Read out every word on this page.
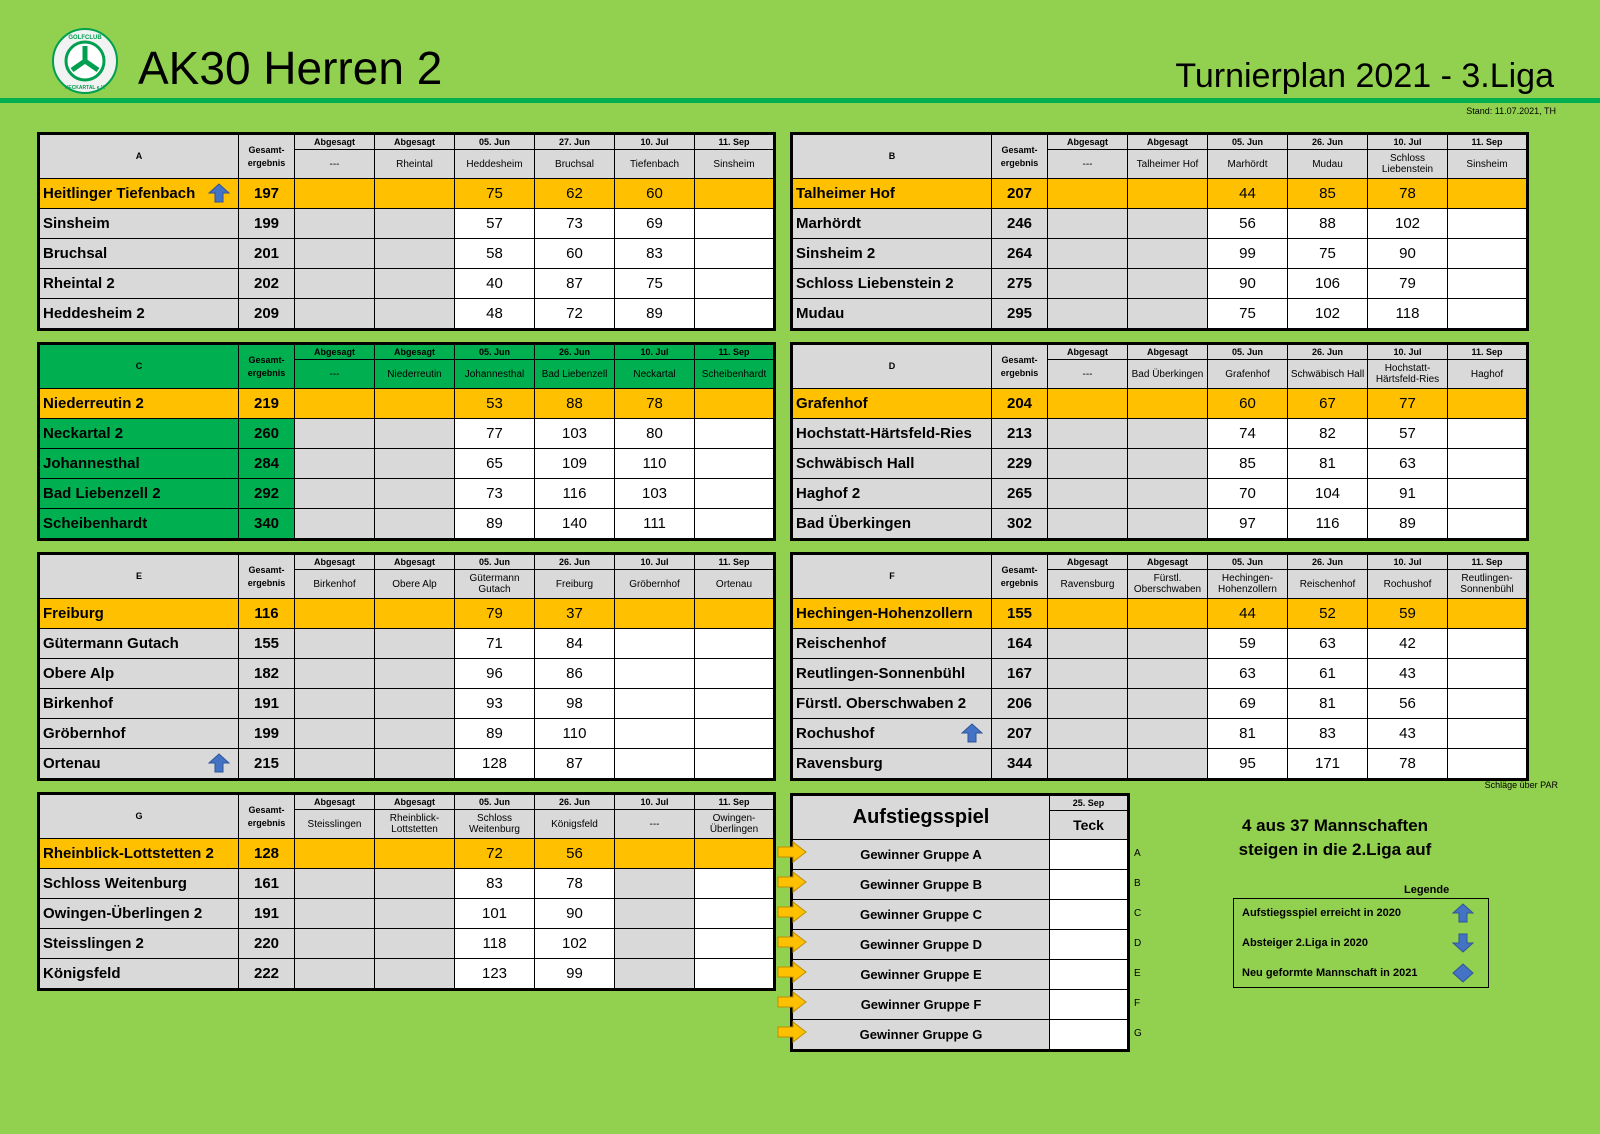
GOLFCLUB
NECKARTAL e.V. AK30 Herren 2	Turnierplan 2021 - 3.Liga
Stand: 11.07.2021, TH
A	Gesamt-ergebnis	Abgesagt	Abgesagt	05. Jun	27. Jun	10. Jul	11. Sep
		---	Rheintal	Heddesheim	Bruchsal	Tiefenbach	Sinsheim
Heitlinger Tiefenbach	197			75	62	60	
Sinsheim	199			57	73	69	
Bruchsal	201			58	60	83	
Rheintal 2	202			40	87	75	
Heddesheim 2	209			48	72	89	
B	Gesamt-ergebnis	Abgesagt	Abgesagt	05. Jun	26. Jun	10. Jul	11. Sep
		---	Talheimer Hof	Marhördt	Mudau	Schloss Liebenstein	Sinsheim
Talheimer Hof	207			44	85	78	
Marhördt	246			56	88	102	
Sinsheim 2	264			99	75	90	
Schloss Liebenstein 2	275			90	106	79	
Mudau	295			75	102	118	
C	Gesamt-ergebnis	Abgesagt	Abgesagt	05. Jun	26. Jun	10. Jul	11. Sep
		---	Niederreutin	Johannesthal	Bad Liebenzell	Neckartal	Scheibenhardt
Niederreutin 2	219			53	88	78	
Neckartal 2	260			77	103	80	
Johannesthal	284			65	109	110	
Bad Liebenzell 2	292			73	116	103	
Scheibenhardt	340			89	140	111	
D	Gesamt-ergebnis	Abgesagt	Abgesagt	05. Jun	26. Jun	10. Jul	11. Sep
		---	Bad Überkingen	Grafenhof	Schwäbisch Hall	Hochstatt-Härtsfeld-Ries	Haghof
Grafenhof	204			60	67	77	
Hochstatt-Härtsfeld-Ries	213			74	82	57	
Schwäbisch Hall	229			85	81	63	
Haghof 2	265			70	104	91	
Bad Überkingen	302			97	116	89	
E	Gesamt-ergebnis	Abgesagt	Abgesagt	05. Jun	26. Jun	10. Jul	11. Sep
		Birkenhof	Obere Alp	Gütermann Gutach	Freiburg	Gröbernhof	Ortenau
Freiburg	116			79	37		
Gütermann Gutach	155			71	84		
Obere Alp	182			96	86		
Birkenhof	191			93	98		
Gröbernhof	199			89	110		
Ortenau	215			128	87		
F	Gesamt-ergebnis	Abgesagt	Abgesagt	05. Jun	26. Jun	10. Jul	11. Sep
		Ravensburg	Fürstl. Oberschwaben	Hechingen-Hohenzollern	Reischenhof	Rochushof	Reutlingen-Sonnenbühl
Hechingen-Hohenzollern	155			44	52	59	
Reischenhof	164			59	63	42	
Reutlingen-Sonnenbühl	167			63	61	43	
Fürstl. Oberschwaben 2	206			69	81	56	
Rochushof	207			81	83	43	
Ravensburg	344			95	171	78	
G	Gesamt-ergebnis	Abgesagt	Abgesagt	05. Jun	26. Jun	10. Jul	11. Sep
		Steisslingen	Rheinblick-Lottstetten	Schloss Weitenburg	Königsfeld	---	Owingen-Überlingen
Rheinblick-Lottstetten 2	128			72	56		
Schloss Weitenburg	161			83	78		
Owingen-Überlingen 2	191			101	90		
Steisslingen 2	220			118	102		
Königsfeld	222			123	99		
Schläge über PAR
Aufstiegsspiel	25. Sep
	Teck
Gewinner Gruppe A	
Gewinner Gruppe B	
Gewinner Gruppe C	
Gewinner Gruppe D	
Gewinner Gruppe E	
Gewinner Gruppe F	
Gewinner Gruppe G	
A
B
C
D
E
F
G
4 aus 37 Mannschaften
steigen in die 2.Liga auf
Legende
Aufstiegsspiel erreicht in 2020
Absteiger 2.Liga in 2020
Neu geformte Mannschaft in 2021
